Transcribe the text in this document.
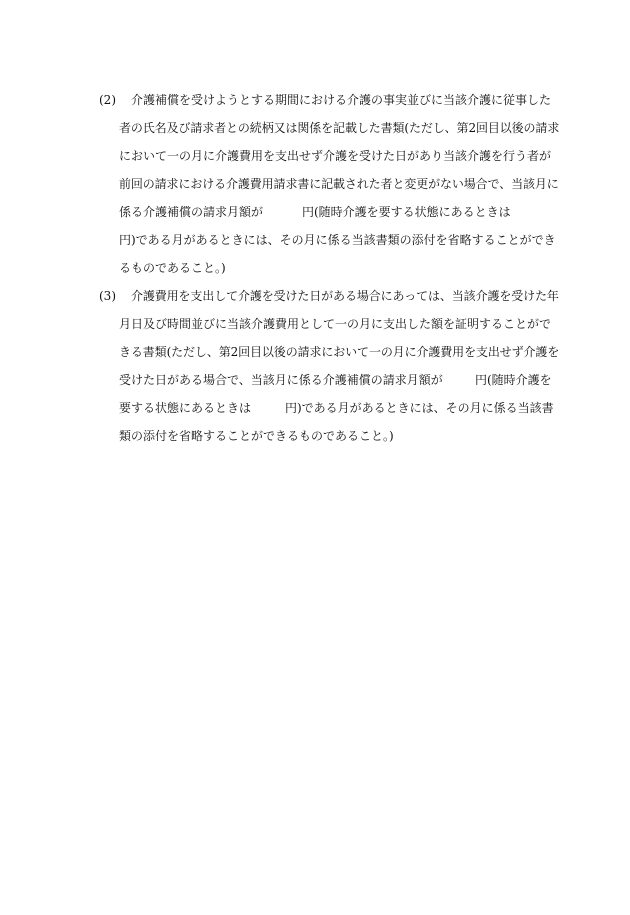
(2) 介護補償を受けようとする期間における介護の事実並びに当該介護に従事した
者の氏名及び請求者との続柄又は関係を記載した書類(ただし、第2回目以後の請求
において一の月に介護費用を支出せず介護を受けた日があり当該介護を行う者が
前回の請求における介護費用請求書に記載された者と変更がない場合で、当該月に
係る介護補償の請求月額が	円(随時介護を要する状態にあるときは
円)である月があるときには、その月に係る当該書類の添付を省略することができ
るものであること。)
(3) 介護費用を支出して介護を受けた日がある場合にあっては、当該介護を受けた年
月日及び時間並びに当該介護費用として一の月に支出した額を証明することがで
きる書類(ただし、第2回目以後の請求において一の月に介護費用を支出せず介護を
受けた日がある場合で、当該月に係る介護補償の請求月額が	円(随時介護を
要する状態にあるときは	円)である月があるときには、その月に係る当該書
類の添付を省略することができるものであること。)
